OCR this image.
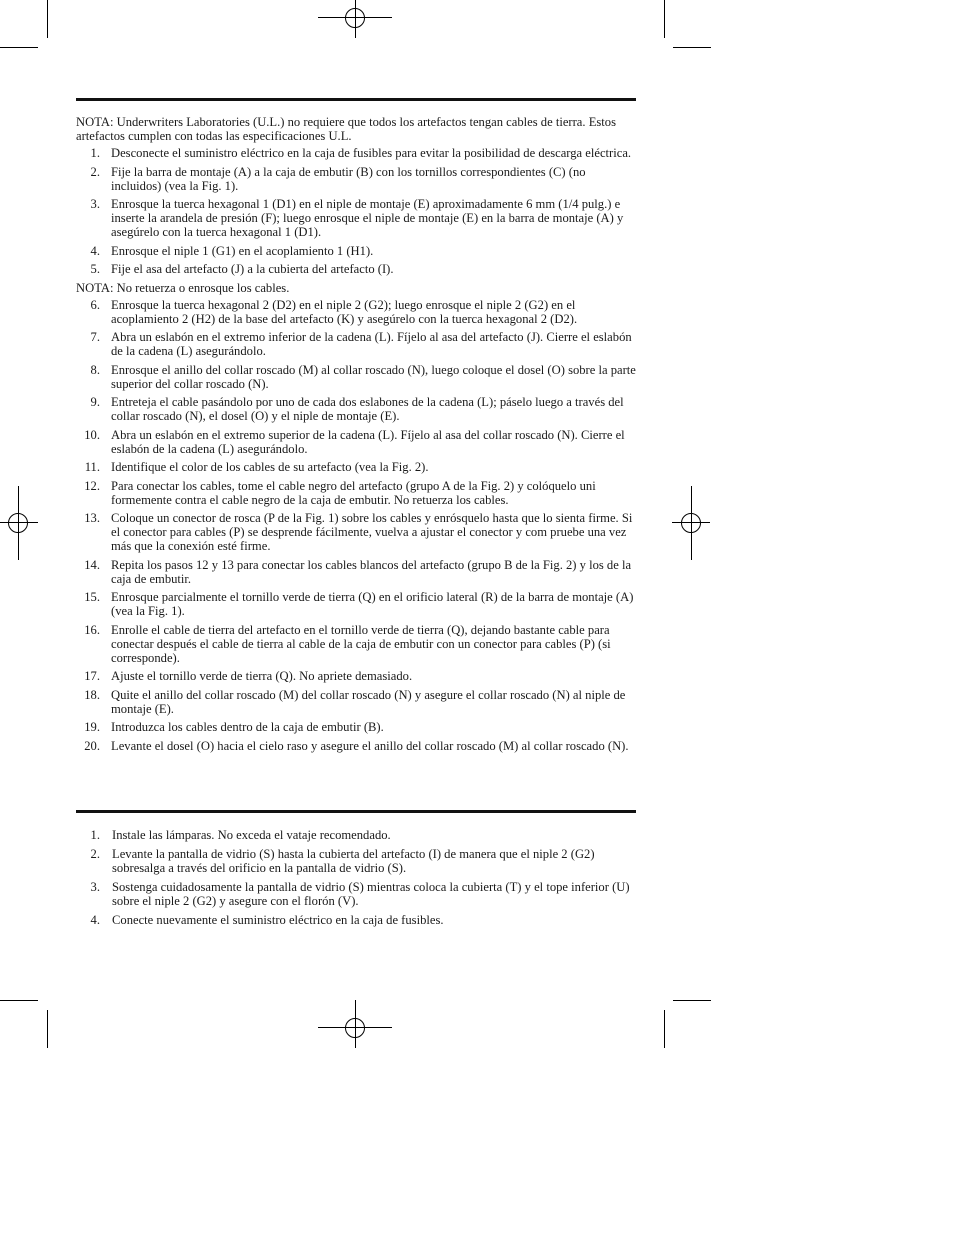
NOTA: Underwriters Laboratories (U.L.) no requiere que todos los artefactos tengan cables de tierra. Estos artefactos cumplen con todas las especificaciones U.L.

1. Desconecte el suministro eléctrico en la caja de fusibles para evitar la posibilidad de descarga eléctrica.
2. Fije la barra de montaje (A) a la caja de embutir (B) con los tornillos correspondientes (C) (no incluidos) (vea la Fig. 1).
3. Enrosque la tuerca hexagonal 1 (D1) en el niple de montaje (E) aproximadamente 6 mm (1/4 pulg.) e inserte la arandela de presión (F); luego enrosque el niple de montaje (E) en la barra de montaje (A) y asegúrelo con la tuerca hexagonal 1 (D1).
4. Enrosque el niple 1 (G1) en el acoplamiento 1 (H1).
5. Fije el asa del artefacto (J) a la cubierta del artefacto (I).

NOTA: No retuerza o enrosque los cables.

6. Enrosque la tuerca hexagonal 2 (D2) en el niple 2 (G2); luego enrosque el niple 2 (G2) en el acoplamiento 2 (H2) de la base del artefacto (K) y asegúrelo con la tuerca hexagonal 2 (D2).
7. Abra un eslabón en el extremo inferior de la cadena (L). Fíjelo al asa del artefacto (J). Cierre el eslabón de la cadena (L) asegurándolo.
8. Enrosque el anillo del collar roscado (M) al collar roscado (N), luego coloque el dosel (O) sobre la parte superior del collar roscado (N).
9. Entreteja el cable pasándolo por uno de cada dos eslabones de la cadena (L); páselo luego a través del collar roscado (N), el dosel (O) y el niple de montaje (E).
10. Abra un eslabón en el extremo superior de la cadena (L). Fíjelo al asa del collar roscado (N). Cierre el eslabón de la cadena (L) asegurándolo.
11. Identifique el color de los cables de su artefacto (vea la Fig. 2).
12. Para conectar los cables, tome el cable negro del artefacto (grupo A de la Fig. 2) y colóquelo uni formemente contra el cable negro de la caja de embutir. No retuerza los cables.
13. Coloque un conector de rosca (P de la Fig. 1) sobre los cables y enrósquelo hasta que lo sienta firme. Si el conector para cables (P) se desprende fácilmente, vuelva a ajustar el conector y com pruebe una vez más que la conexión esté firme.
14. Repita los pasos 12 y 13 para conectar los cables blancos del artefacto (grupo B de la Fig. 2) y los de la caja de embutir.
15. Enrosque parcialmente el tornillo verde de tierra (Q) en el orificio lateral (R) de la barra de montaje (A) (vea la Fig. 1).
16. Enrolle el cable de tierra del artefacto en el tornillo verde de tierra (Q), dejando bastante cable para conectar después el cable de tierra al cable de la caja de embutir con un conector para cables (P) (si corresponde).
17. Ajuste el tornillo verde de tierra (Q). No apriete demasiado.
18. Quite el anillo del collar roscado (M) del collar roscado (N) y asegure el collar roscado (N) al niple de montaje (E).
19. Introduzca los cables dentro de la caja de embutir (B).
20. Levante el dosel (O) hacia el cielo raso y asegure el anillo del collar roscado (M) al collar roscado (N).
1. Instale las lámparas. No exceda el vataje recomendado.
2. Levante la pantalla de vidrio (S) hasta la cubierta del artefacto (I) de manera que el niple 2 (G2) sobresalga a través del orificio en la pantalla de vidrio (S).
3. Sostenga cuidadosamente la pantalla de vidrio (S) mientras coloca la cubierta (T) y el tope inferior (U) sobre el niple 2 (G2) y asegure con el florón (V).
4. Conecte nuevamente el suministro eléctrico en la caja de fusibles.
